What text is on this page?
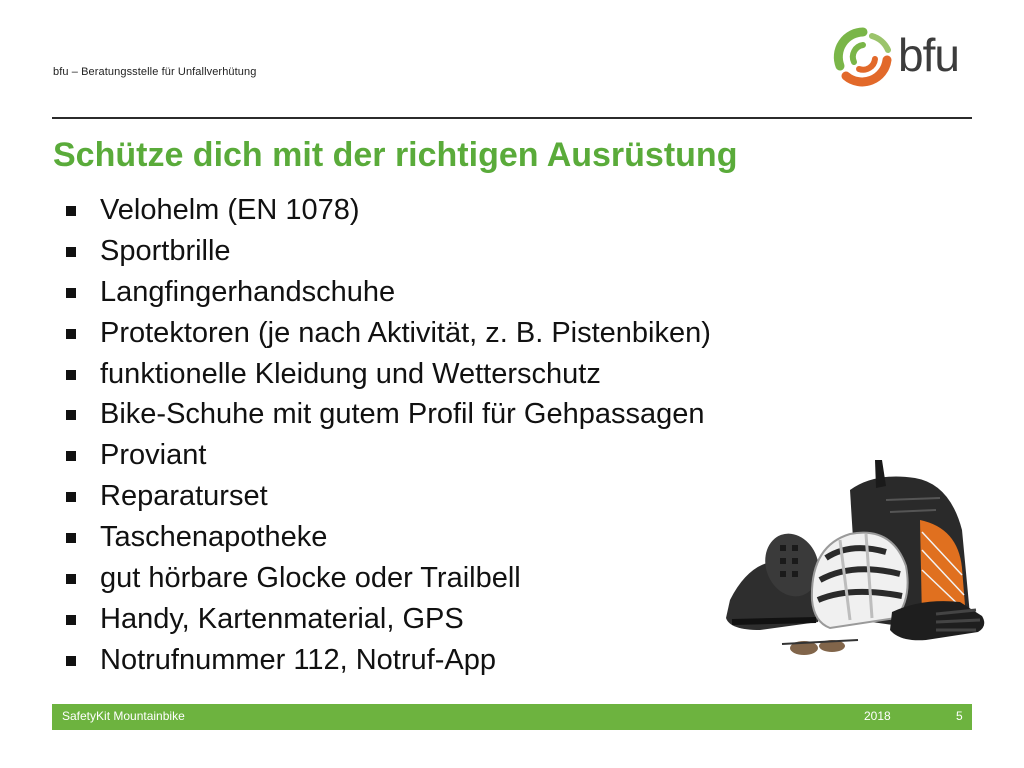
bfu – Beratungsstelle für Unfallverhütung	bfu
Schütze dich mit der richtigen Ausrüstung
Velohelm (EN 1078)
Sportbrille
Langfingerhandschuhe
Protektoren (je nach Aktivität, z. B. Pistenbiken)
funktionelle Kleidung und Wetterschutz
Bike-Schuhe mit gutem Profil für Gehpassagen
Proviant
Reparaturset
Taschenapotheke
gut hörbare Glocke oder Trailbell
Handy, Kartenmaterial, GPS
Notrufnummer 112, Notruf-App
SafetyKit Mountainbike	2018	5
